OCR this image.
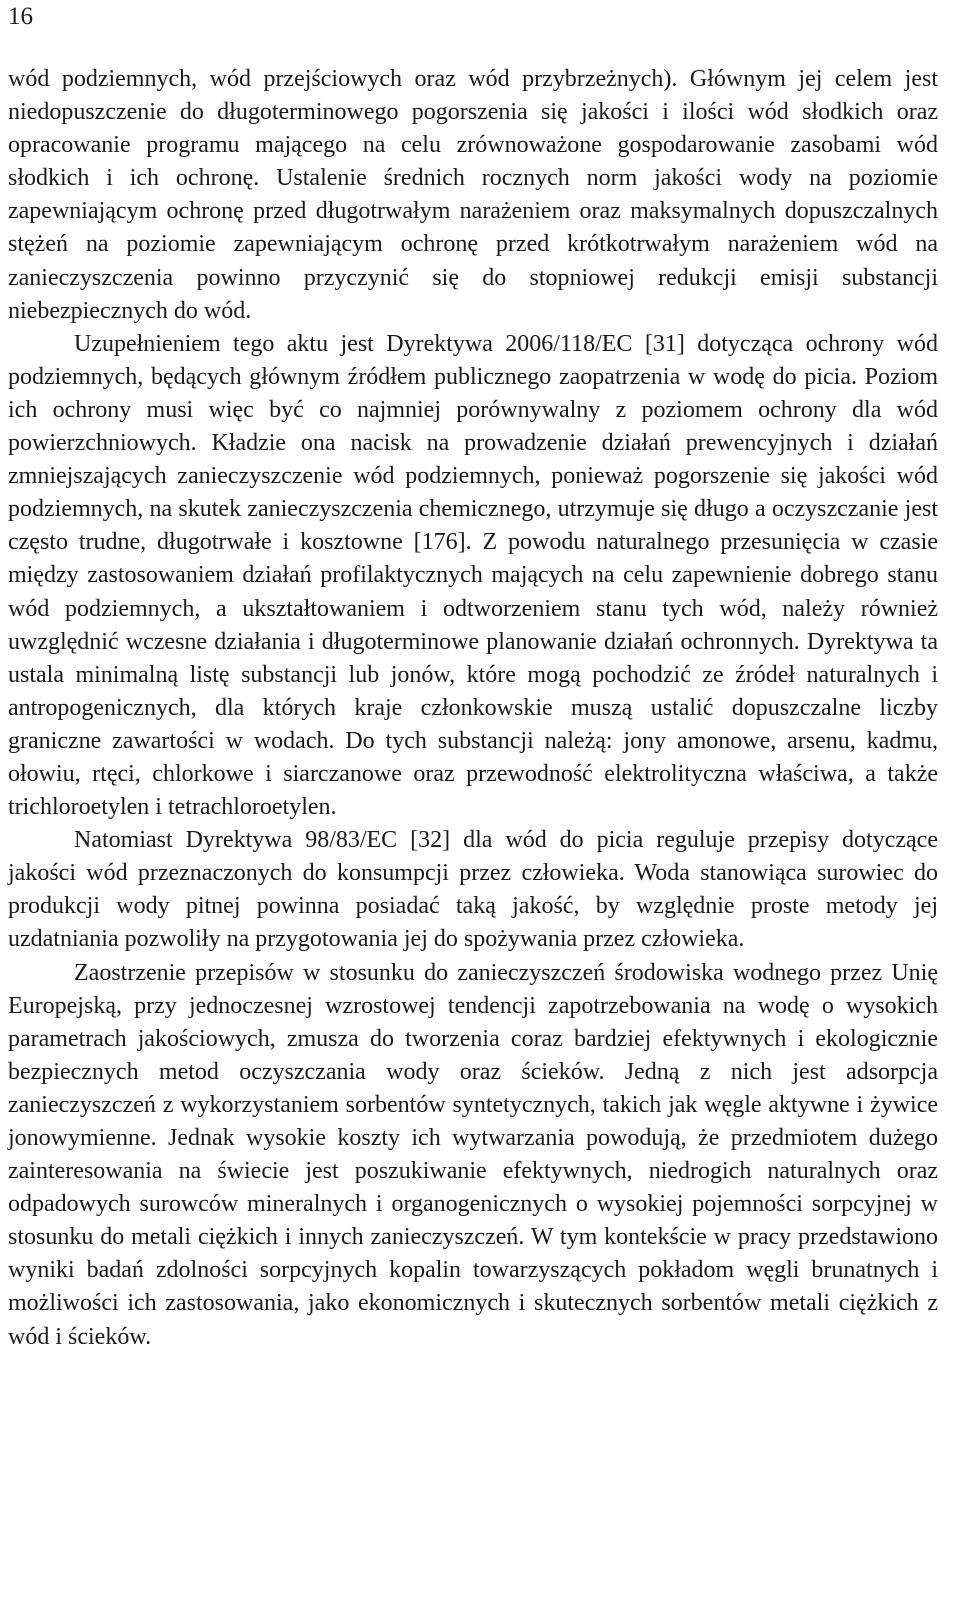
16

wód podziemnych, wód przejściowych oraz wód przybrzeżnych). Głównym jej celem jest niedopuszczenie do długoterminowego pogorszenia się jakości i ilości wód słodkich oraz opracowanie programu mającego na celu zrównoważone gospodarowanie zasobami wód słodkich i ich ochronę. Ustalenie średnich rocznych norm jakości wody na poziomie zapewniającym ochronę przed długotrwałym narażeniem oraz maksymalnych dopuszczalnych stężeń na poziomie zapewniającym ochronę przed krótkotrwałym narażeniem wód na zanieczyszczenia powinno przyczynić się do stopniowej redukcji emisji substancji niebezpiecznych do wód.

Uzupełnieniem tego aktu jest Dyrektywa 2006/118/EC [31] dotycząca ochrony wód podziemnych, będących głównym źródłem publicznego zaopatrzenia w wodę do picia. Poziom ich ochrony musi więc być co najmniej porównywalny z poziomem ochrony dla wód powierzchniowych. Kładzie ona nacisk na prowadzenie działań prewencyjnych i działań zmniejszających zanieczyszczenie wód podziemnych, ponieważ pogorszenie się jakości wód podziemnych, na skutek zanieczyszczenia chemicznego, utrzymuje się długo a oczyszczanie jest często trudne, długotrwałe i kosztowne [176]. Z powodu naturalnego przesunięcia w czasie między zastosowaniem działań profilaktycznych mających na celu zapewnienie dobrego stanu wód podziemnych, a ukształtowaniem i odtworzeniem stanu tych wód, należy również uwzględnić wczesne działania i długoterminowe planowanie działań ochronnych. Dyrektywa ta ustala minimalną listę substancji lub jonów, które mogą pochodzić ze źródeł naturalnych i antropogenicznych, dla których kraje członkowskie muszą ustalić dopuszczalne liczby graniczne zawartości w wodach. Do tych substancji należą: jony amonowe, arsenu, kadmu, ołowiu, rtęci, chlorkowe i siarczanowe oraz przewodność elektrolityczna właściwa, a także trichloroetylen i tetrachloroetylen.

Natomiast Dyrektywa 98/83/EC [32] dla wód do picia reguluje przepisy dotyczące jakości wód przeznaczonych do konsumpcji przez człowieka. Woda stanowiąca surowiec do produkcji wody pitnej powinna posiadać taką jakość, by względnie proste metody jej uzdatniania pozwoliły na przygotowania jej do spożywania przez człowieka.

Zaostrzenie przepisów w stosunku do zanieczyszczeń środowiska wodnego przez Unię Europejską, przy jednoczesnej wzrostowej tendencji zapotrzebowania na wodę o wysokich parametrach jakościowych, zmusza do tworzenia coraz bardziej efektywnych i ekologicznie bezpiecznych metod oczyszczania wody oraz ścieków. Jedną z nich jest adsorpcja zanieczyszczeń z wykorzystaniem sorbentów syntetycznych, takich jak węgle aktywne i żywice jonowymienne. Jednak wysokie koszty ich wytwarzania powodują, że przedmiotem dużego zainteresowania na świecie jest poszukiwanie efektywnych, niedrogich naturalnych oraz odpadowych surowców mineralnych i organogenicznych o wysokiej pojemności sorpcyjnej w stosunku do metali ciężkich i innych zanieczyszczeń. W tym kontekście w pracy przedstawiono wyniki badań zdolności sorpcyjnych kopalin towarzyszących pokładom węgli brunatnych i możliwości ich zastosowania, jako ekonomicznych i skutecznych sorbentów metali ciężkich z wód i ścieków.
